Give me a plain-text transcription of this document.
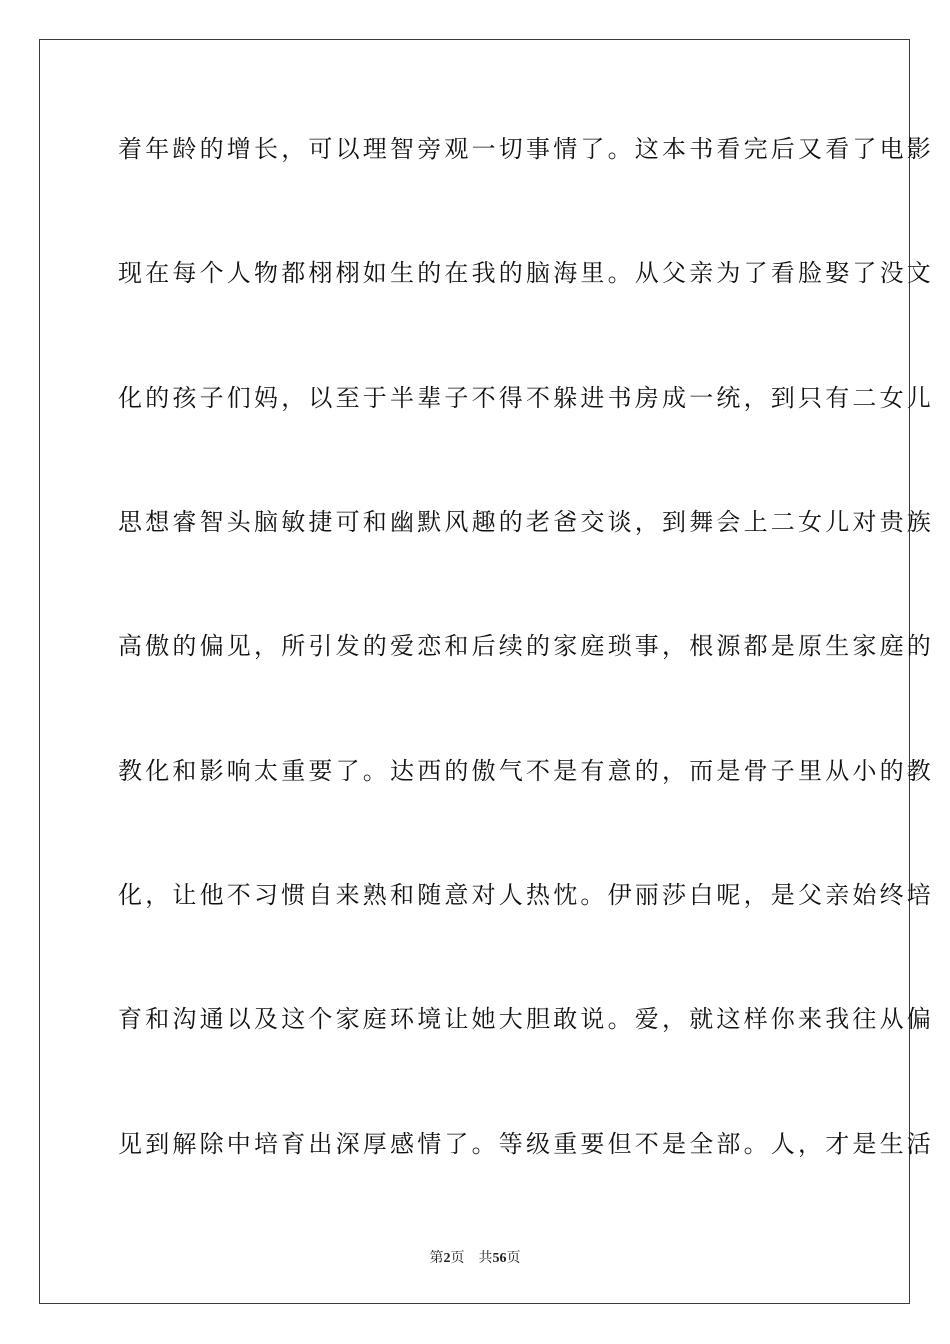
着年龄的增长，可以理智旁观一切事情了。这本书看完后又看了电影
现在每个人物都栩栩如生的在我的脑海里。从父亲为了看脸娶了没文
化的孩子们妈，以至于半辈子不得不躲进书房成一统，到只有二女儿
思想睿智头脑敏捷可和幽默风趣的老爸交谈，到舞会上二女儿对贵族
高傲的偏见，所引发的爱恋和后续的家庭琐事，根源都是原生家庭的
教化和影响太重要了。达西的傲气不是有意的，而是骨子里从小的教
化，让他不习惯自来熟和随意对人热忱。伊丽莎白呢，是父亲始终培
育和沟通以及这个家庭环境让她大胆敢说。爱，就这样你来我往从偏
见到解除中培育出深厚感情了。等级重要但不是全部。人，才是生活
第2页 共56页
